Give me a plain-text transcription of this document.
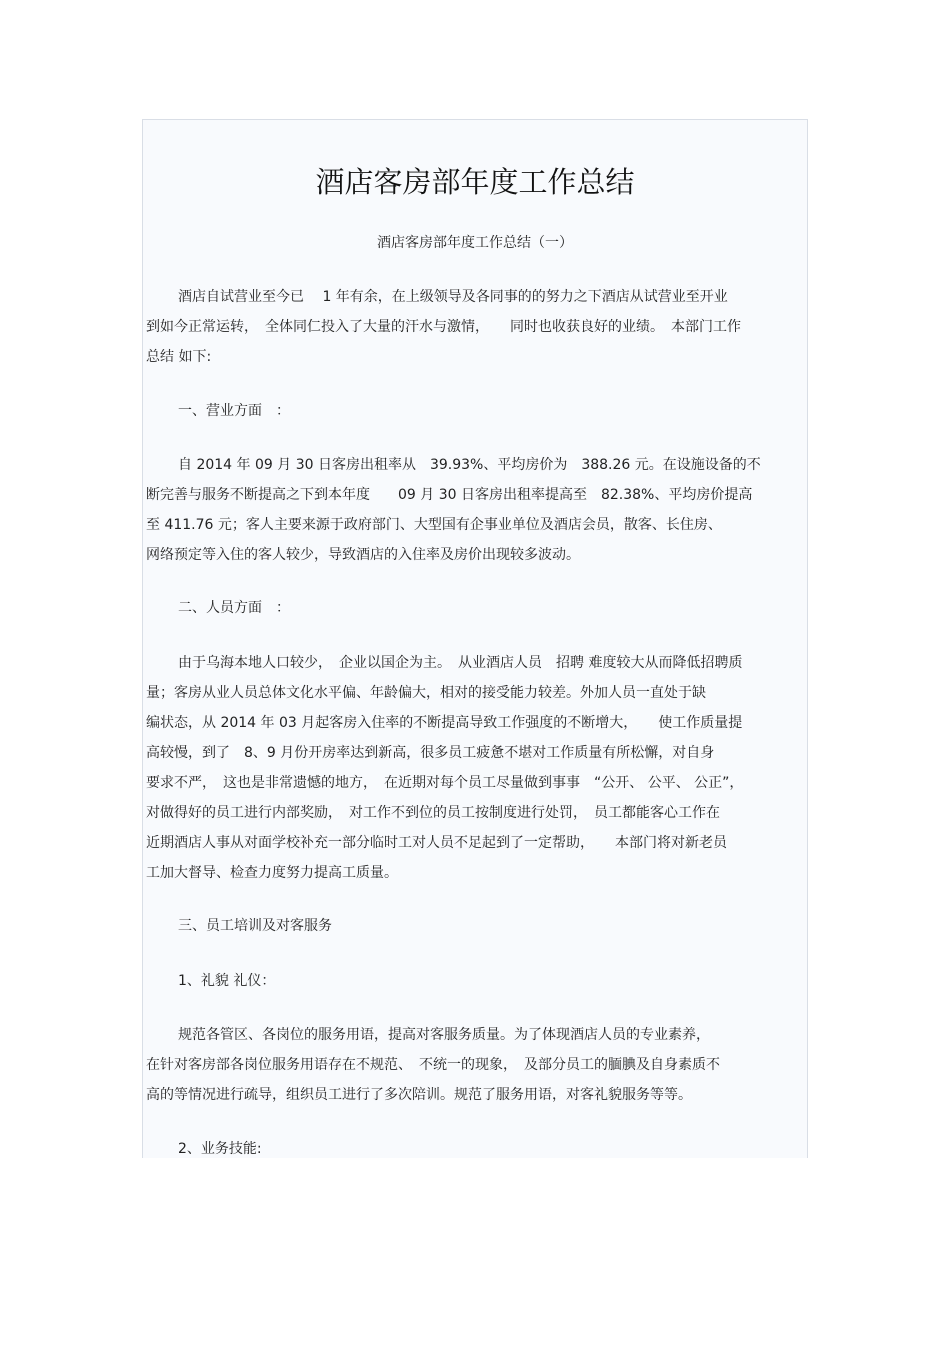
酒店客房部年度工作总结

酒店客房部年度工作总结（一）

酒店自试营业至今已　 1 年有余，在上级领导及各同事的的努力之下酒店从试营业至开业

到如今正常运转，　全体同仁投入了大量的汗水与激情，　　同时也收获良好的业绩。　本部门工作

总结 如下:

一、营业方面　：

自 2014 年 09 月 30 日客房出租率从　39.93%、平均房价为　388.26 元。在设施设备的不

断完善与服务不断提高之下到本年度　　09 月 30 日客房出租率提高至　82.38%、平均房价提高

至 411.76 元；客人主要来源于政府部门、大型国有企事业单位及酒店会员，散客、长住房、

网络预定等入住的客人较少，导致酒店的入住率及房价出现较多波动。

二、人员方面　：

由于乌海本地人口较少，　企业以国企为主。　从业酒店人员　招聘 难度较大从而降低招聘质

量；客房从业人员总体文化水平偏、年龄偏大，相对的接受能力较差。外加人员一直处于缺

编状态，从 2014 年 03 月起客房入住率的不断提高导致工作强度的不断增大，　　使工作质量提

高较慢，到了　8、9 月份开房率达到新高，很多员工疲惫不堪对工作质量有所松懈，对自身

要求不严，　这也是非常遗憾的地方，　在近期对每个员工尽量做到事事　“公开、 公平、 公正”，

对做得好的员工进行内部奖励，　对工作不到位的员工按制度进行处罚，　员工都能客心工作在

近期酒店人事从对面学校补充一部分临时工对人员不足起到了一定帮助，　　本部门将对新老员

工加大督导、检查力度努力提高工质量。

三、员工培训及对客服务

1、礼貌 礼仪：

规范各管区、各岗位的服务用语，提高对客服务质量。为了体现酒店人员的专业素养，

在针对客房部各岗位服务用语存在不规范、　不统一的现象，　及部分员工的腼腆及自身素质不

高的等情况进行疏导，组织员工进行了多次陪训。规范了服务用语，对客礼貌服务等等。

2、业务技能:
